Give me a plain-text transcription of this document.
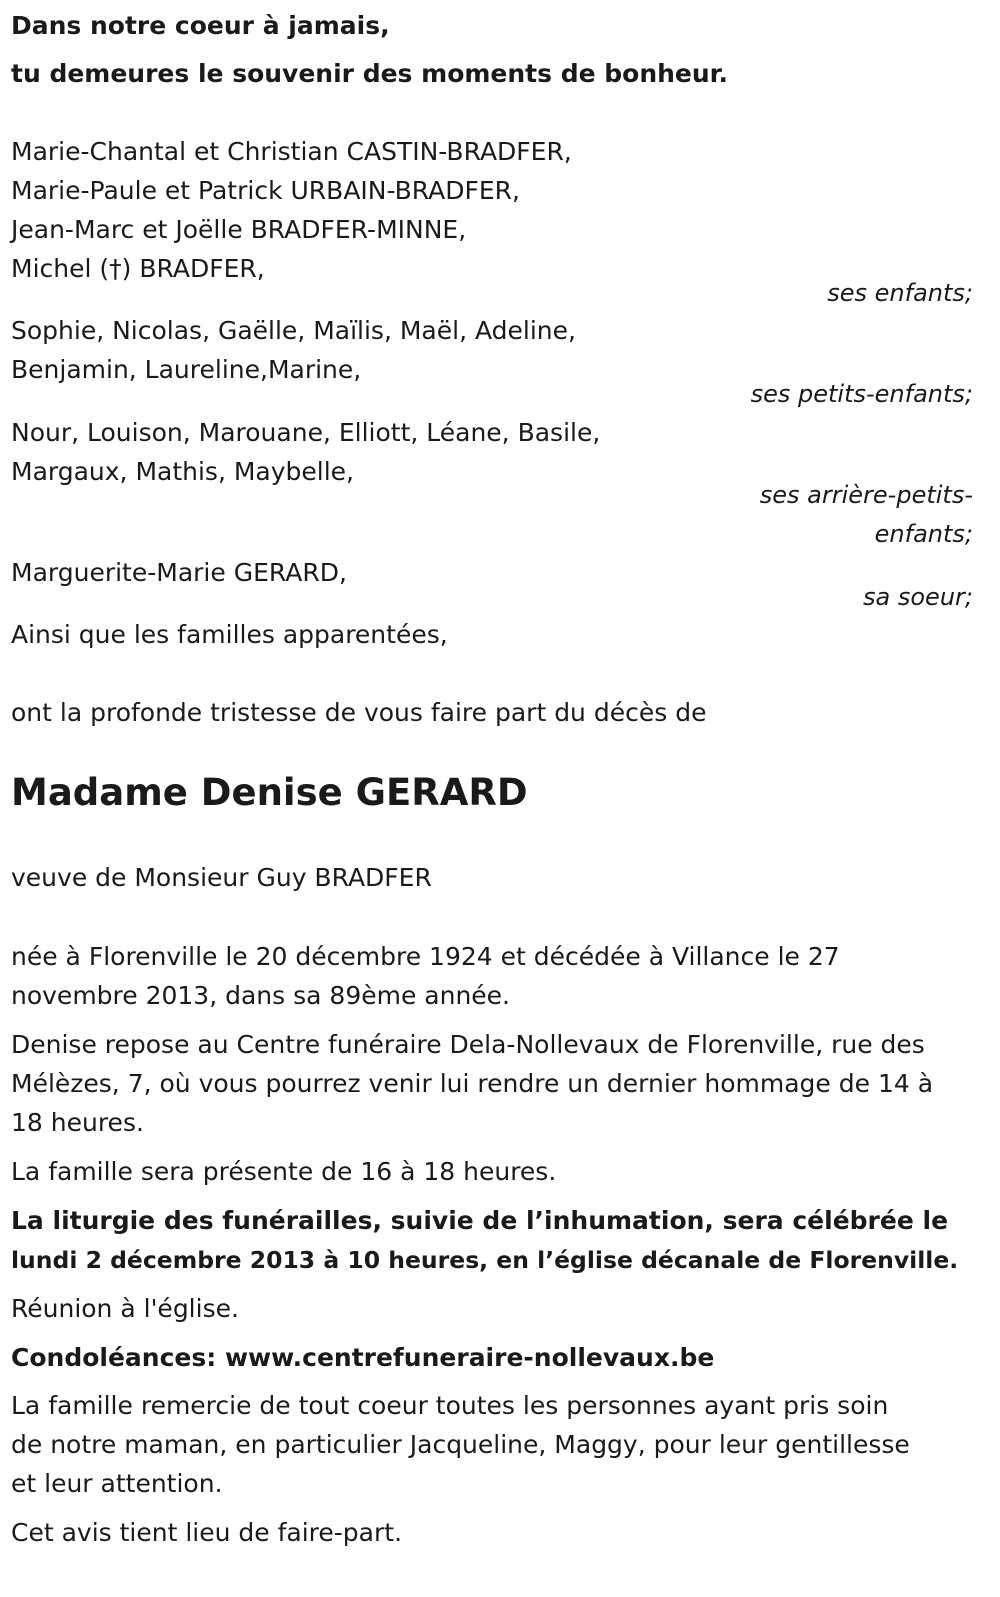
Dans notre coeur à jamais,
tu demeures le souvenir des moments de bonheur.
Marie-Chantal et Christian CASTIN-BRADFER,
Marie-Paule et Patrick URBAIN-BRADFER,
Jean-Marc et Joëlle BRADFER-MINNE,
Michel (†) BRADFER,
ses enfants;
Sophie, Nicolas, Gaëlle, Maïlis, Maël, Adeline,
Benjamin, Laureline,Marine,
ses petits-enfants;
Nour, Louison, Marouane, Elliott, Léane, Basile,
Margaux, Mathis, Maybelle,
ses arrière-petits-
enfants;
Marguerite-Marie GERARD,
sa soeur;
Ainsi que les familles apparentées,
ont la profonde tristesse de vous faire part du décès de
Madame Denise GERARD
veuve de Monsieur Guy BRADFER
née à Florenville le 20 décembre 1924 et décédée à Villance le 27
novembre 2013, dans sa 89ème année.
Denise repose au Centre funéraire Dela-Nollevaux de Florenville, rue des
Mélèzes, 7, où vous pourrez venir lui rendre un dernier hommage de 14 à
18 heures.
La famille sera présente de 16 à 18 heures.
La liturgie des funérailles, suivie de l’inhumation, sera célébrée le
lundi 2 décembre 2013 à 10 heures, en l’église décanale de Florenville.
Réunion à l'église.
Condoléances: www.centrefuneraire-nollevaux.be
La famille remercie de tout coeur toutes les personnes ayant pris soin
de notre maman, en particulier Jacqueline, Maggy, pour leur gentillesse
et leur attention.
Cet avis tient lieu de faire-part.
